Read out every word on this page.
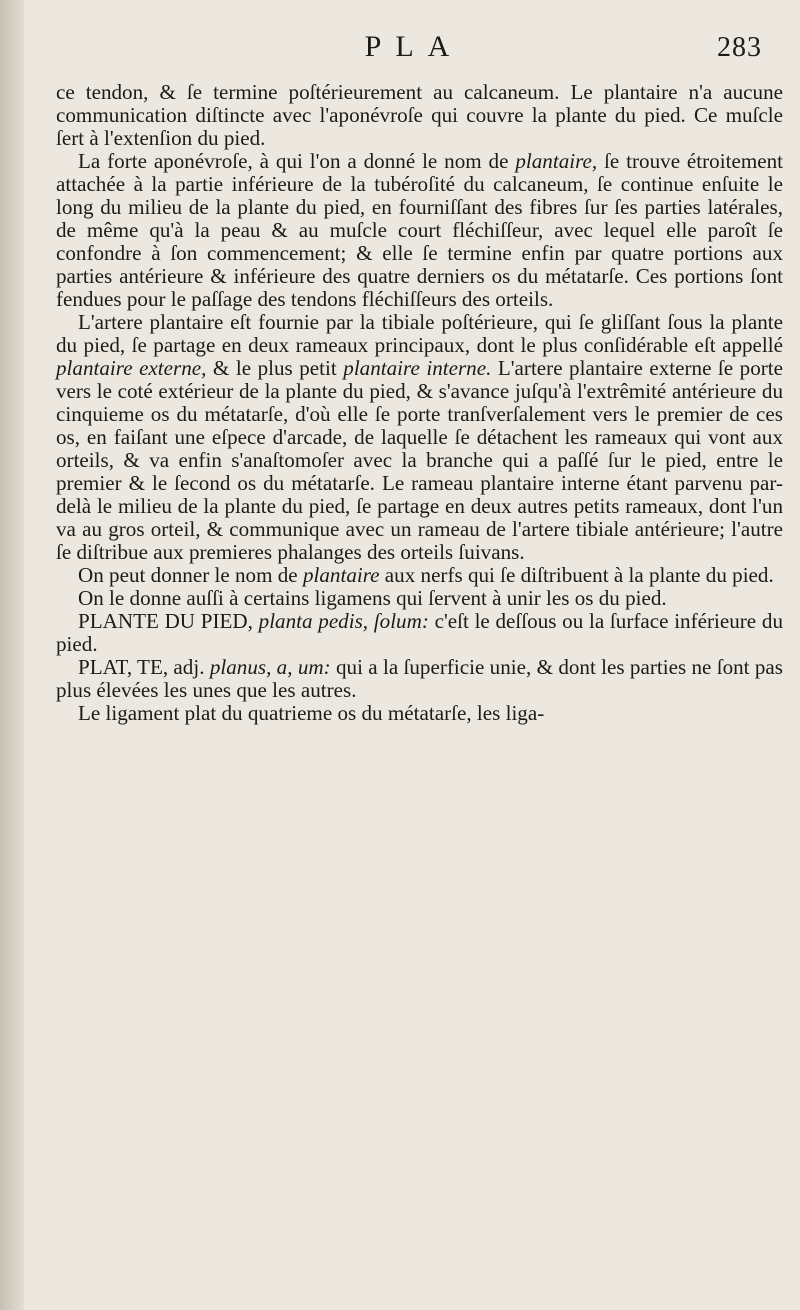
PLA	283

ce tendon, & ſe termine poſtérieurement au calcaneum. Le plantaire n'a aucune communication diſtincte avec l'aponévroſe qui couvre la plante du pied. Ce muſcle ſert à l'extenſion du pied.

La forte aponévroſe, à qui l'on a donné le nom de plantaire, ſe trouve étroitement attachée à la partie inférieure de la tubéroſité du calcaneum, ſe continue enſuite le long du milieu de la plante du pied, en fourniſſant des fibres ſur ſes parties latérales, de même qu'à la peau & au muſcle court fléchiſſeur, avec lequel elle paroît ſe confondre à ſon commencement; & elle ſe termine enfin par quatre portions aux parties antérieure & inférieure des quatre derniers os du métatarſe. Ces portions ſont fendues pour le paſſage des tendons fléchiſſeurs des orteils.

L'artere plantaire eſt fournie par la tibiale poſtérieure, qui ſe gliſſant ſous la plante du pied, ſe partage en deux rameaux principaux, dont le plus conſidérable eſt appellé plantaire externe, & le plus petit plantaire interne. L'artere plantaire externe ſe porte vers le coté extérieur de la plante du pied, & s'avance juſqu'à l'extrêmité antérieure du cinquieme os du métatarſe, d'où elle ſe porte tranſverſalement vers le premier de ces os, en faiſant une eſpece d'arcade, de laquelle ſe détachent les rameaux qui vont aux orteils, & va enfin s'anaſtomoſer avec la branche qui a paſſé ſur le pied, entre le premier & le ſecond os du métatarſe. Le rameau plantaire interne étant parvenu par-delà le milieu de la plante du pied, ſe partage en deux autres petits rameaux, dont l'un va au gros orteil, & communique avec un rameau de l'artere tibiale antérieure; l'autre ſe diſtribue aux premieres phalanges des orteils ſuivans.

On peut donner le nom de plantaire aux nerfs qui ſe diſtribuent à la plante du pied.

On le donne auſſi à certains ligamens qui ſervent à unir les os du pied.

PLANTE DU PIED, planta pedis, ſolum: c'eſt le deſſous ou la ſurface inférieure du pied.

PLAT, TE, adj. planus, a, um: qui a la ſuperficie unie, & dont les parties ne ſont pas plus élevées les unes que les autres.

Le ligament plat du quatrieme os du métatarſe, les liga-
